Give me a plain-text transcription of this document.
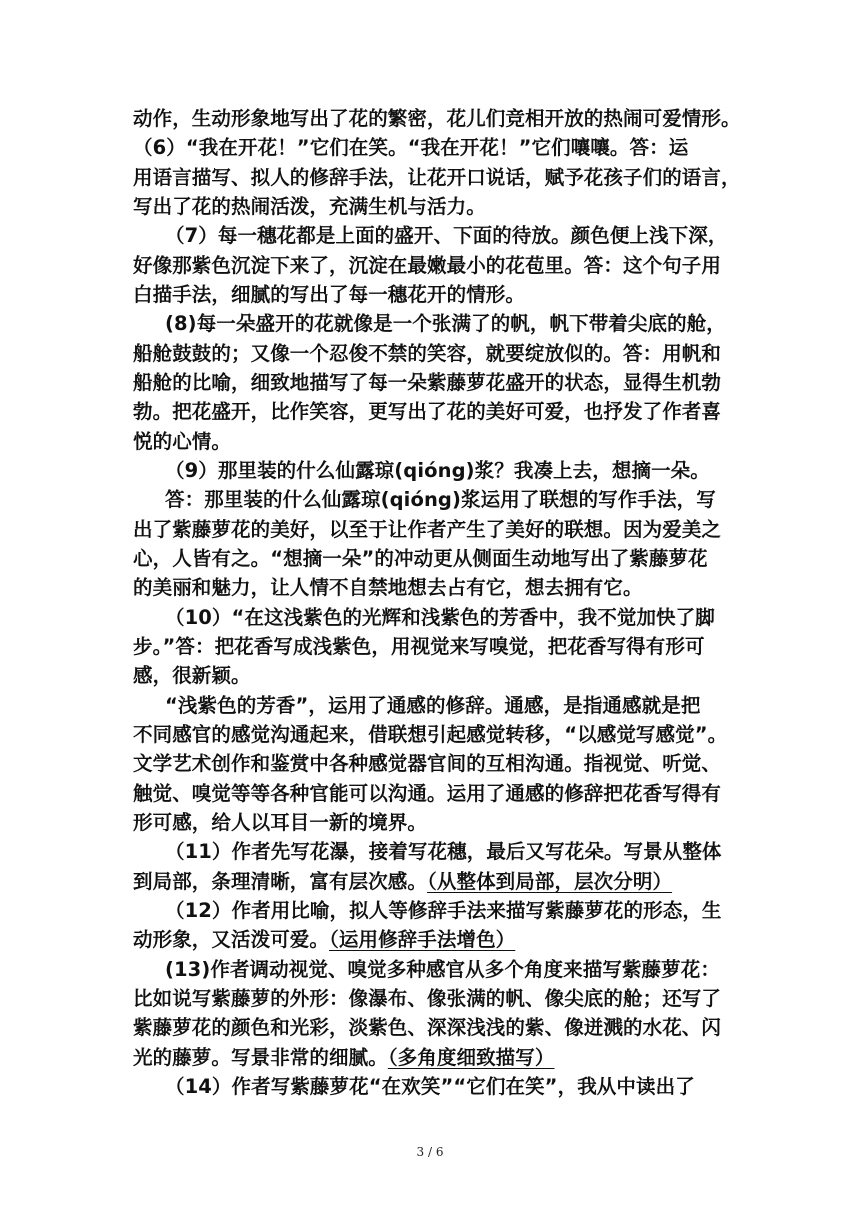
动作，生动形象地写出了花的繁密，花儿们竞相开放的热闹可爱情形。
（6）“我在开花！”它们在笑。“我在开花！”它们嚷嚷。答：运
用语言描写、拟人的修辞手法，让花开口说话，赋予花孩子们的语言，
写出了花的热闹活泼，充满生机与活力。
（7）每一穗花都是上面的盛开、下面的待放。颜色便上浅下深，
好像那紫色沉淀下来了，沉淀在最嫩最小的花苞里。答：这个句子用
白描手法，细腻的写出了每一穗花开的情形。
(8)每一朵盛开的花就像是一个张满了的帆，帆下带着尖底的舱，
船舱鼓鼓的；又像一个忍俊不禁的笑容，就要绽放似的。答：用帆和
船舱的比喻，细致地描写了每一朵紫藤萝花盛开的状态，显得生机勃
勃。把花盛开，比作笑容，更写出了花的美好可爱，也抒发了作者喜
悦的心情。
（9）那里装的什么仙露琼(qióng)浆？我凑上去，想摘一朵。
答：那里装的什么仙露琼(qióng)浆运用了联想的写作手法，写
出了紫藤萝花的美好，以至于让作者产生了美好的联想。因为爱美之
心，人皆有之。“想摘一朵”的冲动更从侧面生动地写出了紫藤萝花
的美丽和魅力，让人情不自禁地想去占有它，想去拥有它。
（10）“在这浅紫色的光辉和浅紫色的芳香中，我不觉加快了脚
步。”答：把花香写成浅紫色，用视觉来写嗅觉，把花香写得有形可
感，很新颖。
“浅紫色的芳香”，运用了通感的修辞。通感，是指通感就是把
不同感官的感觉沟通起来，借联想引起感觉转移，“以感觉写感觉”。
文学艺术创作和鉴赏中各种感觉器官间的互相沟通。指视觉、听觉、
触觉、嗅觉等等各种官能可以沟通。运用了通感的修辞把花香写得有
形可感，给人以耳目一新的境界。
（11）作者先写花瀑，接着写花穗，最后又写花朵。写景从整体
到局部，条理清晰，富有层次感。（从整体到局部，层次分明）
（12）作者用比喻，拟人等修辞手法来描写紫藤萝花的形态，生
动形象，又活泼可爱。（运用修辞手法增色）
(13)作者调动视觉、嗅觉多种感官从多个角度来描写紫藤萝花：
比如说写紫藤萝的外形：像瀑布、像张满的帆、像尖底的舱；还写了
紫藤萝花的颜色和光彩，淡紫色、深深浅浅的紫、像迸溅的水花、闪
光的藤萝。写景非常的细腻。（多角度细致描写）
（14）作者写紫藤萝花“在欢笑”“它们在笑”，我从中读出了
3 / 6
